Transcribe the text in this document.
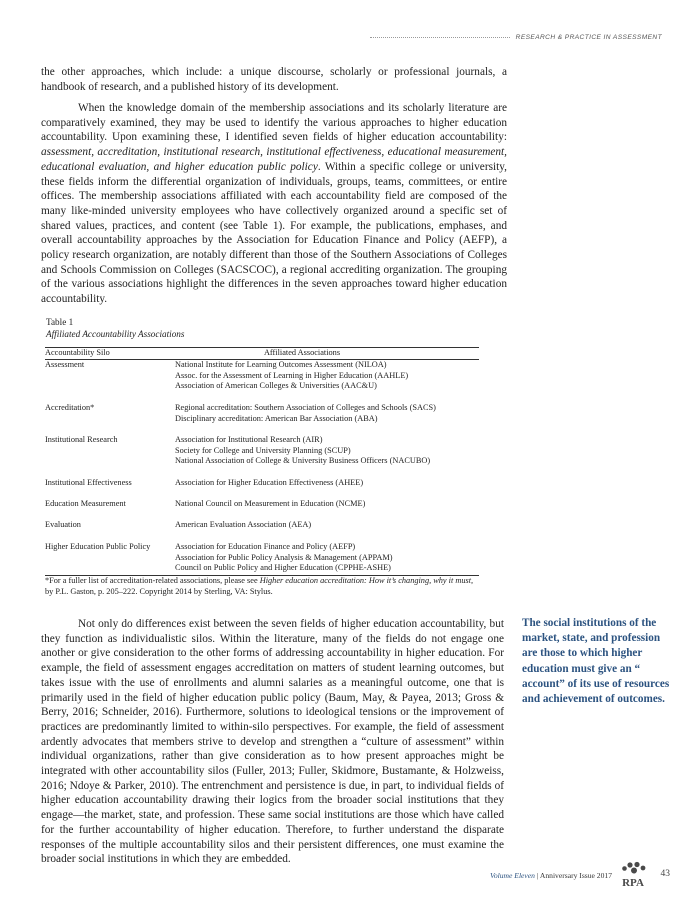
RESEARCH & PRACTICE IN ASSESSMENT

the other approaches, which include: a unique discourse, scholarly or professional journals, a handbook of research, and a published history of its development.

When the knowledge domain of the membership associations and its scholarly literature are comparatively examined, they may be used to identify the various approaches to higher education accountability. Upon examining these, I identified seven fields of higher education accountability: assessment, accreditation, institutional research, institutional effectiveness, educational measurement, educational evaluation, and higher education public policy. Within a specific college or university, these fields inform the differential organization of individuals, groups, teams, committees, or entire offices. The membership associations affiliated with each accountability field are composed of the many like-minded university employees who have collectively organized around a specific set of shared values, practices, and content (see Table 1). For example, the publications, emphases, and overall accountability approaches by the Association for Education Finance and Policy (AEFP), a policy research organization, are notably different than those of the Southern Associations of Colleges and Schools Commission on Colleges (SACSCOC), a regional accrediting organization. The grouping of the various associations highlight the differences in the seven approaches toward higher education accountability.

Table 1
Affiliated Accountability Associations
Accountability Silo	Affiliated Associations
Assessment	National Institute for Learning Outcomes Assessment (NILOA)
Assoc. for the Assessment of Learning in Higher Education (AAHLE)
Association of American Colleges & Universities (AAC&U)
Accreditation*	Regional accreditation: Southern Association of Colleges and Schools (SACS)
Disciplinary accreditation: American Bar Association (ABA)
Institutional Research	Association for Institutional Research (AIR)
Society for College and University Planning (SCUP)
National Association of College & University Business Officers (NACUBO)
Institutional Effectiveness	Association for Higher Education Effectiveness (AHEE)
Education Measurement	National Council on Measurement in Education (NCME)
Evaluation	American Evaluation Association (AEA)
Higher Education Public Policy	Association for Education Finance and Policy (AEFP)
Association for Public Policy Analysis & Management (APPAM)
Council on Public Policy and Higher Education (CPPHE-ASHE)
*For a fuller list of accreditation-related associations, please see Higher education accreditation: How it’s changing, why it must, by P.L. Gaston, p. 205–222. Copyright 2014 by Sterling, VA: Stylus.

Not only do differences exist between the seven fields of higher education accountability, but they function as individualistic silos. Within the literature, many of the fields do not engage one another or give consideration to the other forms of addressing accountability in higher education. For example, the field of assessment engages accreditation on matters of student learning outcomes, but takes issue with the use of enrollments and alumni salaries as a meaningful outcome, one that is primarily used in the field of higher education public policy (Baum, May, & Payea, 2013; Gross & Berry, 2016; Schneider, 2016). Furthermore, solutions to ideological tensions or the improvement of practices are predominantly limited to within-silo perspectives. For example, the field of assessment ardently advocates that members strive to develop and strengthen a “culture of assessment” within individual organizations, rather than give consideration as to how present approaches might be integrated with other accountability silos (Fuller, 2013; Fuller, Skidmore, Bustamante, & Holzweiss, 2016; Ndoye & Parker, 2010). The entrenchment and persistence is due, in part, to individual fields of higher education accountability drawing their logics from the broader social institutions that they engage—the market, state, and profession. These same social institutions are those which have called for the further accountability of higher education. Therefore, to further understand the disparate responses of the multiple accountability silos and their persistent differences, one must examine the broader social institutions in which they are embedded.

The social institutions of the market, state, and profession are those to which higher education must give an “ account” of its use of resources and achievement of outcomes.
Volume Eleven | Anniversary Issue 2017
RPA
43
